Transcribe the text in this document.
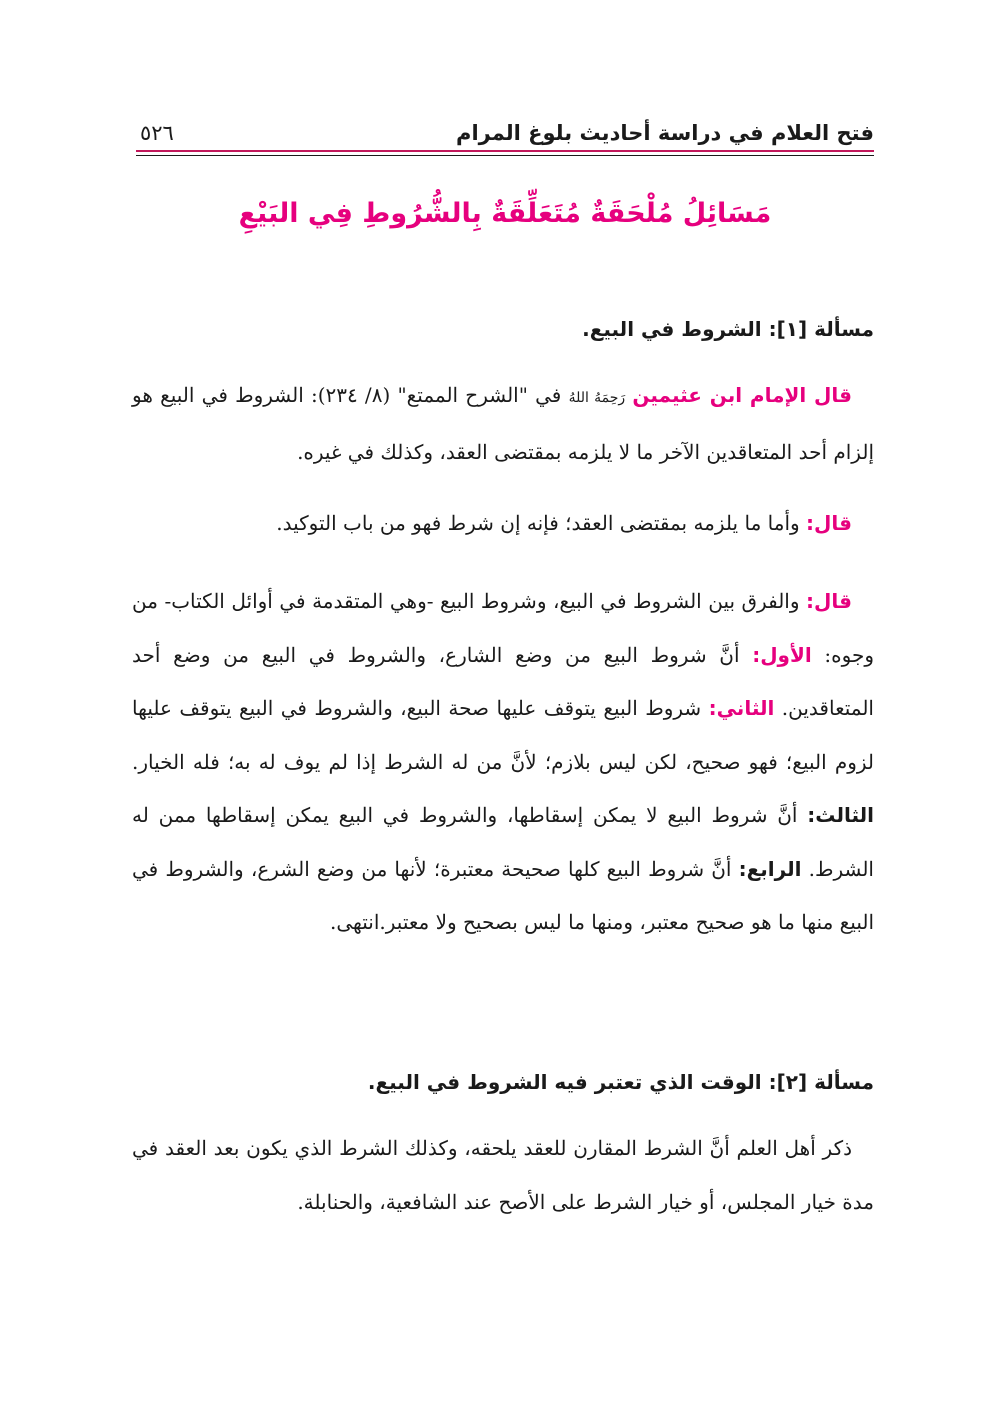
فتح العلام في دراسة أحاديث بلوغ المرام
٥٢٦
مَسَائِلُ مُلْحَقَةٌ مُتَعَلِّقَةٌ بِالشُّرُوطِ فِي البَيْعِ
مسألة [١]: الشروط في البيع.

قال الإمام ابن عثيمين رَحِمَهُ اللهُ في "الشرح الممتع" (٨/ ٢٣٤): الشروط في البيع هو إلزام أحد المتعاقدين الآخر ما لا يلزمه بمقتضى العقد، وكذلك في غيره.

قال: وأما ما يلزمه بمقتضى العقد؛ فإنه إن شرط فهو من باب التوكيد.

قال: والفرق بين الشروط في البيع، وشروط البيع -وهي المتقدمة في أوائل الكتاب- من وجوه: الأول: أنَّ شروط البيع من وضع الشارع، والشروط في البيع من وضع أحد المتعاقدين. الثاني: شروط البيع يتوقف عليها صحة البيع، والشروط في البيع يتوقف عليها لزوم البيع؛ فهو صحيح، لكن ليس بلازم؛ لأنَّ من له الشرط إذا لم يوف له به؛ فله الخيار. الثالث: أنَّ شروط البيع لا يمكن إسقاطها، والشروط في البيع يمكن إسقاطها ممن له الشرط. الرابع: أنَّ شروط البيع كلها صحيحة معتبرة؛ لأنها من وضع الشرع، والشروط في البيع منها ما هو صحيح معتبر، ومنها ما ليس بصحيح ولا معتبر.انتهى.

مسألة [٢]: الوقت الذي تعتبر فيه الشروط في البيع.

ذكر أهل العلم أنَّ الشرط المقارن للعقد يلحقه، وكذلك الشرط الذي يكون بعد العقد في مدة خيار المجلس، أو خيار الشرط على الأصح عند الشافعية، والحنابلة.
